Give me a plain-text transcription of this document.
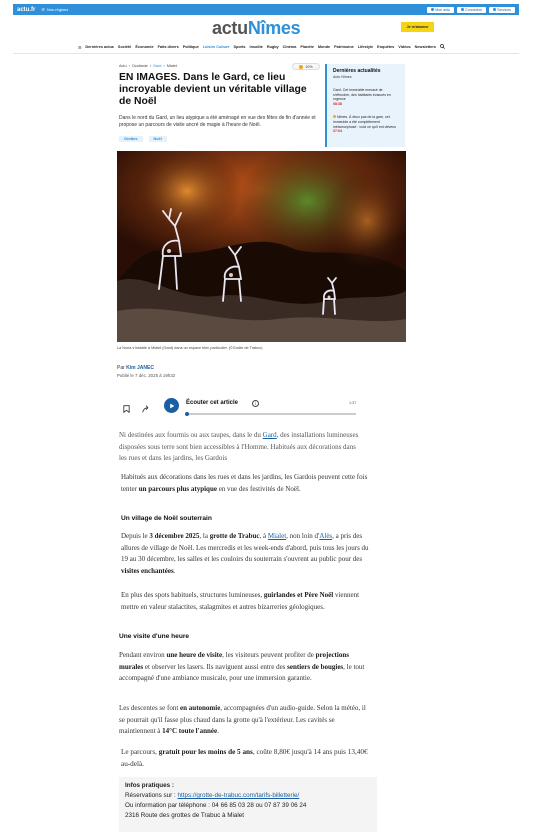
actu.fr ☰ Nos régions	Mon actu	Connexion	Services
actuNîmes	Je m'abonne
☰ Dernières actus Société Économie Faits divers Politique Loisirs Culture Sports Insolite Rugby Cinéma Planète Monde Patrimoine Lifestyle Enquêtes Vidéos Newsletters
Actu › Occitanie › Gard › Mialet	10%
EN IMAGES. Dans le Gard, ce lieu incroyable devient un véritable village de Noël

Dans le nord du Gard, un lieu atypique a été aménagé en vue des fêtes de fin d'année et propose un parcours de visite ancré de magie à l'heure de Noël.

Grottes	Noël
Dernières actualités
Actu Nîmes
Gard. Cet immeuble menacé de s'effondrer, des habitants évacués en urgence
08:38
Nîmes. À deux pas de la gare, cet immeuble a été complètement métamorphosé : voici ce qu'il est devenu
07:04
La Noria s'installe à Mialet (Gard) dans un espace bien particulier. (©Grotte de Trabuc)
Par Kim JANEC
Publié le 7 déc. 2025 à 19h32
Écouter cet article	i	1:37

Ni destinées aux fourmis ou aux taupes, dans le du Gard, des installations lumineuses disposées sous terre sont bien accessibles à l'Homme. Habitués aux décorations dans les rues et dans les jardins, les Gardois

Habitués aux décorations dans les rues et dans les jardins, les Gardois peuvent cette fois tenter un parcours plus atypique en vue des festivités de Noël.

Un village de Noël souterrain

Depuis le 3 décembre 2025, la grotte de Trabuc, à Mialet, non loin d'Alès, a pris des allures de village de Noël. Les mercredis et les week-ends d'abord, puis tous les jours du 19 au 30 décembre, les salles et les couloirs du souterrain s'ouvrent au public pour des visites enchantées.

En plus des spots habituels, structures lumineuses, guirlandes et Père Noël viennent mettre en valeur stalactites, stalagmites et autres bizarreries géologiques.

Une visite d'une heure

Pendant environ une heure de visite, les visiteurs peuvent profiter de projections murales et observer les lasers. Ils naviguent aussi entre des sentiers de bougies, le tout accompagné d'une ambiance musicale, pour une immersion garantie.

Les descentes se font en autonomie, accompagnées d'un audio-guide. Selon la météo, il se pourrait qu'il fasse plus chaud dans la grotte qu'à l'extérieur. Les cavités se maintiennent à 14°C toute l'année.

Le parcours, gratuit pour les moins de 5 ans, coûte 8,80€ jusqu'à 14 ans puis 13,40€ au-delà.

Infos pratiques :
Réservations sur : https://grotte-de-trabuc.com/tarifs-billetterie/
Ou information par téléphone : 04 66 85 03 28 ou 07 87 39 06 24
2316 Route des grottes de Trabuc à Mialet
